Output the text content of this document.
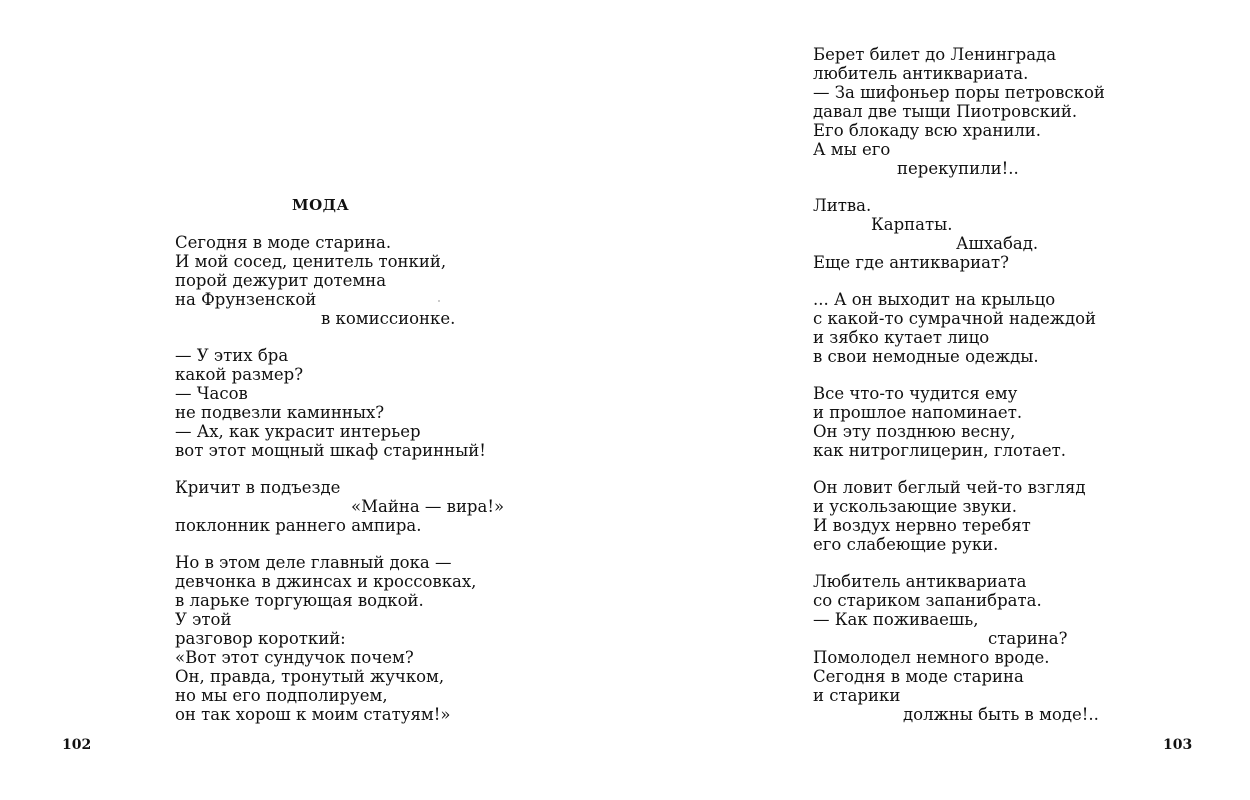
МОДА
Сегодня в моде старина.
И мой сосед, ценитель тонкий,
порой дежурит дотемна
на Фрунзенской
в комиссионке.
— У этих бра
какой размер?
— Часов
не подвезли каминных?
— Ах, как украсит интерьер
вот этот мощный шкаф старинный!
Кричит в подъезде
«Майна — вира!»
поклонник раннего ампира.
Но в этом деле главный дока —
девчонка в джинсах и кроссовках,
в ларьке торгующая водкой.
У этой
разговор короткий:
«Вот этот сундучок почем?
Он, правда, тронутый жучком,
но мы его подполируем,
он так хорош к моим статуям!»

102

Берет билет до Ленинграда
любитель антиквариата.
— За шифоньер поры петровской
давал две тыщи Пиотровский.
Его блокаду всю хранили.
А мы его
перекупили!..
Литва.
Карпаты.
Ашхабад.
Еще где антиквариат?
... А он выходит на крыльцо
с какой-то сумрачной надеждой
и зябко кутает лицо
в свои немодные одежды.
Все что-то чудится ему
и прошлое напоминает.
Он эту позднюю весну,
как нитроглицерин, глотает.
Он ловит беглый чей-то взгляд
и ускользающие звуки.
И воздух нервно теребят
его слабеющие руки.
Любитель антиквариата
со стариком запанибрата.
— Как поживаешь,
старина?
Помолодел немного вроде.
Сегодня в моде старина
и старики
должны быть в моде!..

103
